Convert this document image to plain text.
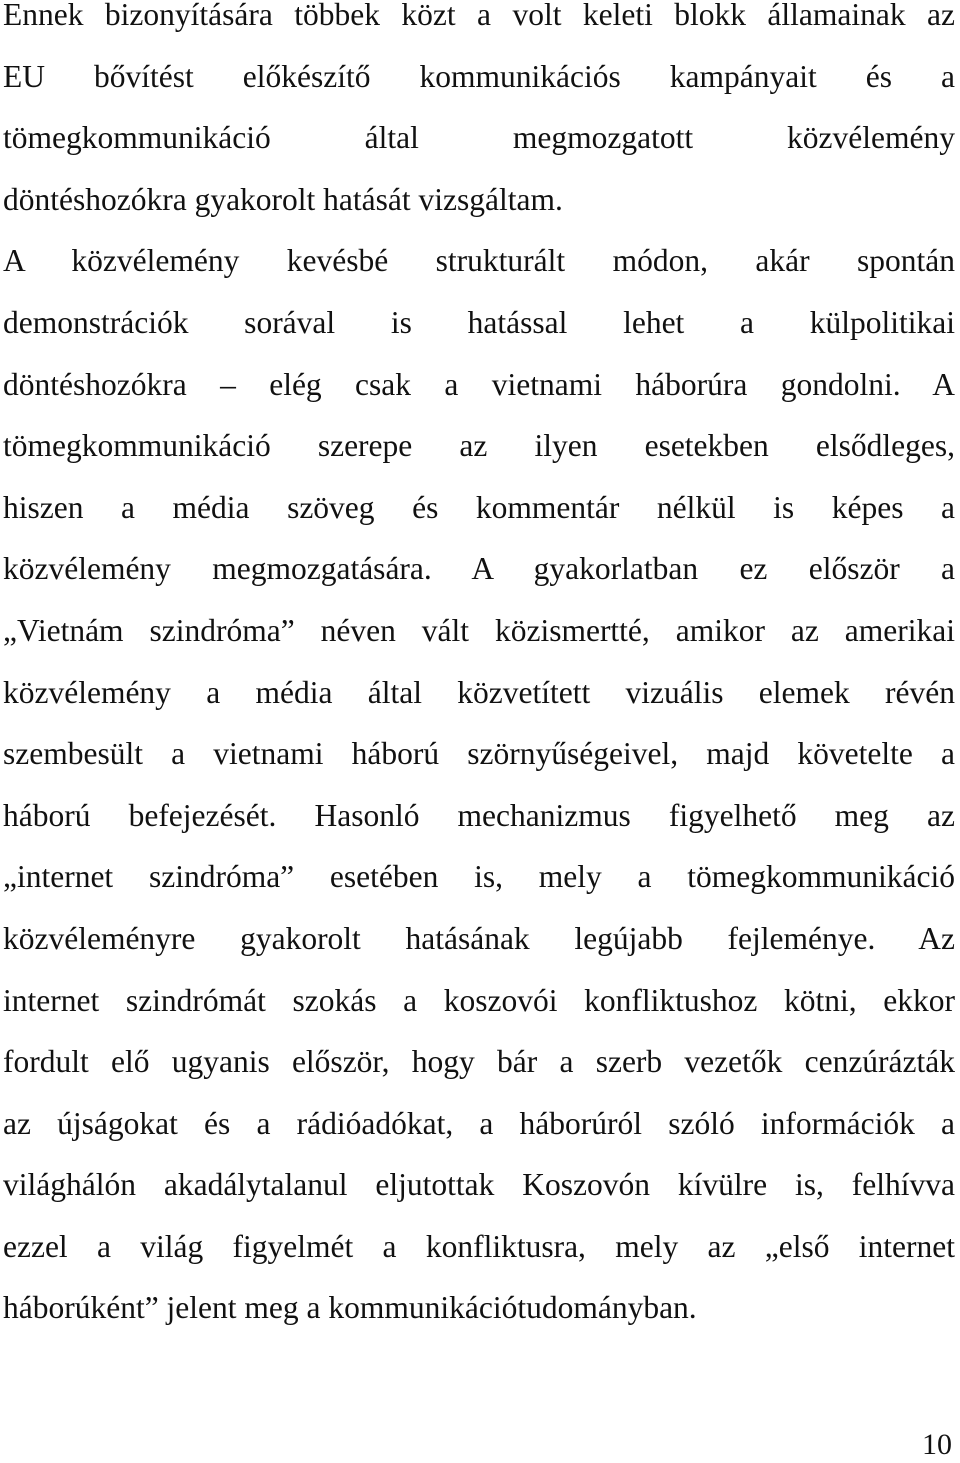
Ennek bizonyítására többek közt a volt keleti blokk államainak az
EU bővítést előkészítő kommunikációs kampányait és a
tömegkommunikáció által megmozgatott közvélemény
döntéshozókra gyakorolt hatását vizsgáltam.
A közvélemény kevésbé strukturált módon, akár spontán
demonstrációk sorával is hatással lehet a külpolitikai
döntéshozókra – elég csak a vietnami háborúra gondolni. A
tömegkommunikáció szerepe az ilyen esetekben elsődleges,
hiszen a média szöveg és kommentár nélkül is képes a
közvélemény megmozgatására. A gyakorlatban ez először a
„Vietnám szindróma” néven vált közismertté, amikor az amerikai
közvélemény a média által közvetített vizuális elemek révén
szembesült a vietnami háború szörnyűségeivel, majd követelte a
háború befejezését. Hasonló mechanizmus figyelhető meg az
„internet szindróma” esetében is, mely a tömegkommunikáció
közvéleményre gyakorolt hatásának legújabb fejleménye. Az
internet szindrómát szokás a koszovói konfliktushoz kötni, ekkor
fordult elő ugyanis először, hogy bár a szerb vezetők cenzúrázták
az újságokat és a rádióadókat, a háborúról szóló információk a
világhálón akadálytalanul eljutottak Koszovón kívülre is, felhívva
ezzel a világ figyelmét a konfliktusra, mely az „első internet
háborúként” jelent meg a kommunikációtudományban.
10
